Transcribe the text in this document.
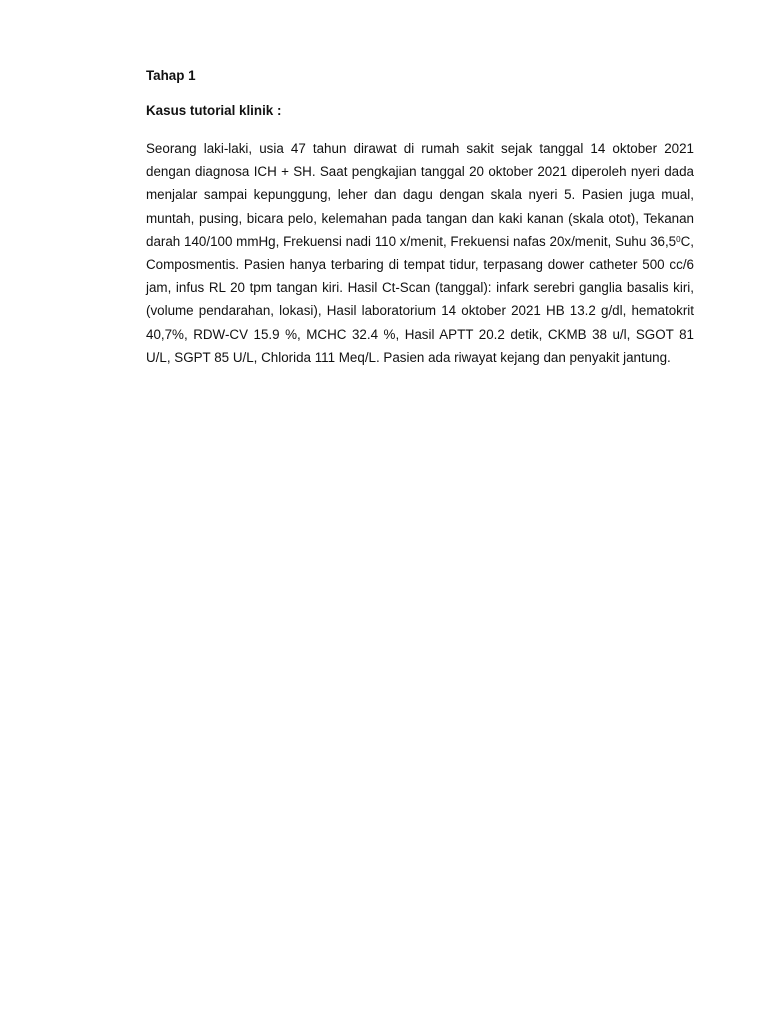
Tahap 1
Kasus tutorial klinik :

Seorang laki-laki, usia 47 tahun dirawat di rumah sakit sejak tanggal 14 oktober 2021 dengan diagnosa ICH + SH. Saat pengkajian tanggal 20 oktober 2021 diperoleh nyeri dada menjalar sampai kepunggung, leher dan dagu dengan skala nyeri 5. Pasien juga mual, muntah, pusing, bicara pelo, kelemahan pada tangan dan kaki kanan (skala otot), Tekanan darah 140/100 mmHg, Frekuensi nadi 110 x/menit, Frekuensi nafas 20x/menit, Suhu 36,5$^0$C, Composmentis. Pasien hanya terbaring di tempat tidur, terpasang dower catheter 500 cc/6 jam, infus RL 20 tpm tangan kiri. Hasil Ct-Scan (tanggal): infark serebri ganglia basalis kiri, (volume pendarahan, lokasi), Hasil laboratorium 14 oktober 2021 HB 13.2 g/dl, hematokrit 40,7%, RDW-CV 15.9 %, MCHC 32.4 %, Hasil APTT 20.2 detik, CKMB 38 u/l, SGOT 81 U/L, SGPT 85 U/L, Chlorida 111 Meq/L. Pasien ada riwayat kejang dan penyakit jantung.
